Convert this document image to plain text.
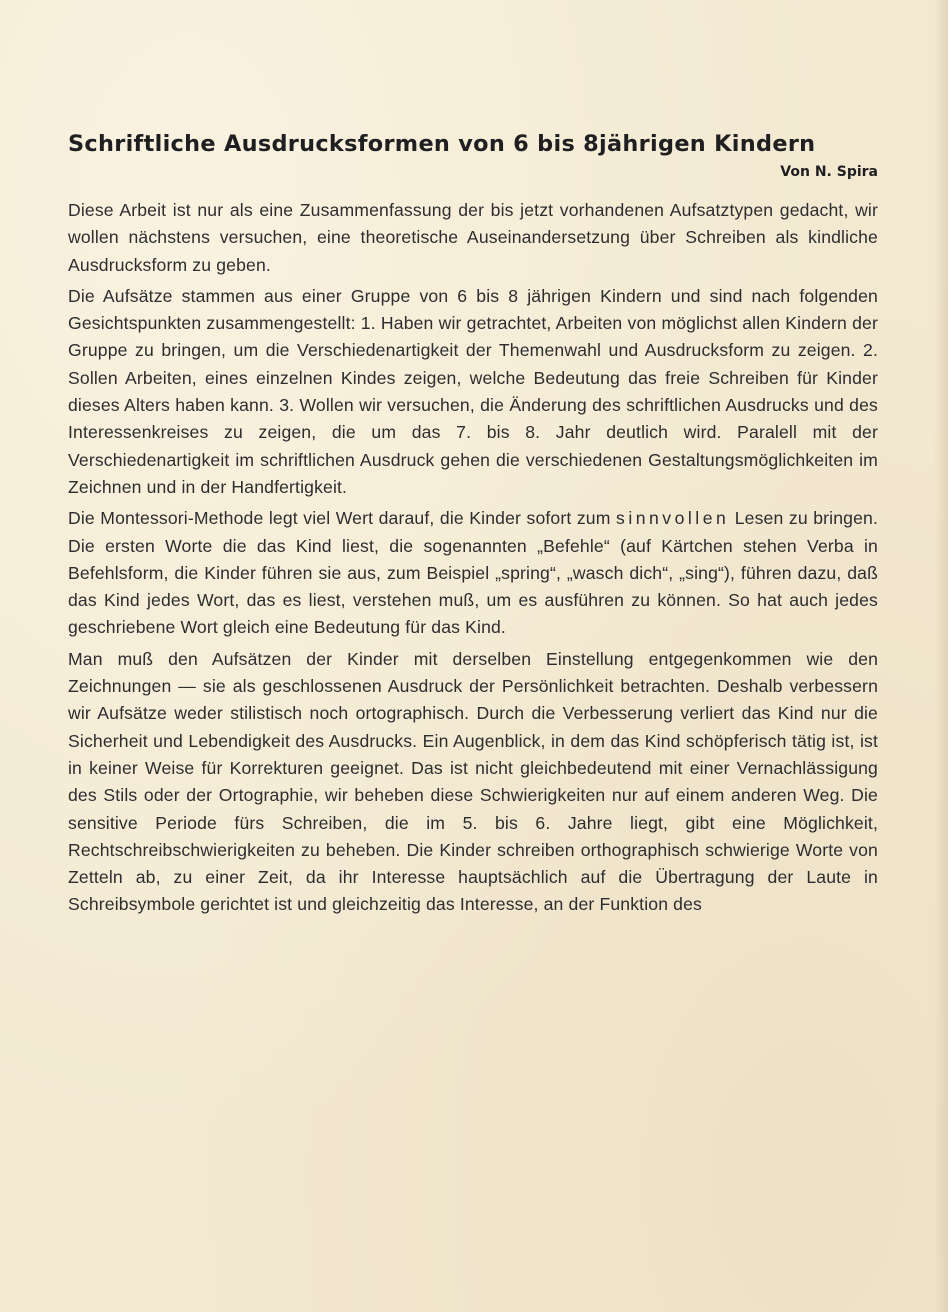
Schriftliche Ausdrucksformen von 6 bis 8jährigen Kindern
Von N. Spira

Diese Arbeit ist nur als eine Zusammenfassung der bis jetzt vorhandenen Aufsatztypen gedacht, wir wollen nächstens versuchen, eine theoretische Auseinandersetzung über Schreiben als kindliche Ausdrucksform zu geben.

Die Aufsätze stammen aus einer Gruppe von 6 bis 8 jährigen Kindern und sind nach folgenden Gesichtspunkten zusammengestellt: 1. Haben wir getrachtet, Arbeiten von möglichst allen Kindern der Gruppe zu bringen, um die Verschiedenartigkeit der Themenwahl und Ausdrucksform zu zeigen. 2. Sollen Arbeiten, eines einzelnen Kindes zeigen, welche Bedeutung das freie Schreiben für Kinder dieses Alters haben kann. 3. Wollen wir versuchen, die Änderung des schriftlichen Ausdrucks und des Interessenkreises zu zeigen, die um das 7. bis 8. Jahr deutlich wird. Paralell mit der Verschiedenartigkeit im schriftlichen Ausdruck gehen die verschiedenen Gestaltungsmöglichkeiten im Zeichnen und in der Handfertigkeit.

Die Montessori-Methode legt viel Wert darauf, die Kinder sofort zum sinnvollen Lesen zu bringen. Die ersten Worte die das Kind liest, die sogenannten „Befehle“ (auf Kärtchen stehen Verba in Befehlsform, die Kinder führen sie aus, zum Beispiel „spring“, „wasch dich“, „sing“), führen dazu, daß das Kind jedes Wort, das es liest, verstehen muß, um es ausführen zu können. So hat auch jedes geschriebene Wort gleich eine Bedeutung für das Kind.

Man muß den Aufsätzen der Kinder mit derselben Einstellung entgegenkommen wie den Zeichnungen — sie als geschlossenen Ausdruck der Persönlichkeit betrachten. Deshalb verbessern wir Aufsätze weder stilistisch noch ortographisch. Durch die Verbesserung verliert das Kind nur die Sicherheit und Lebendigkeit des Ausdrucks. Ein Augenblick, in dem das Kind schöpferisch tätig ist, ist in keiner Weise für Korrekturen geeignet. Das ist nicht gleichbedeutend mit einer Vernachlässigung des Stils oder der Ortographie, wir beheben diese Schwierigkeiten nur auf einem anderen Weg. Die sensitive Periode fürs Schreiben, die im 5. bis 6. Jahre liegt, gibt eine Möglichkeit, Rechtschreibschwierigkeiten zu beheben. Die Kinder schreiben orthographisch schwierige Worte von Zetteln ab, zu einer Zeit, da ihr Interesse hauptsächlich auf die Übertragung der Laute in Schreibsymbole gerichtet ist und gleichzeitig das Interesse, an der Funktion des
